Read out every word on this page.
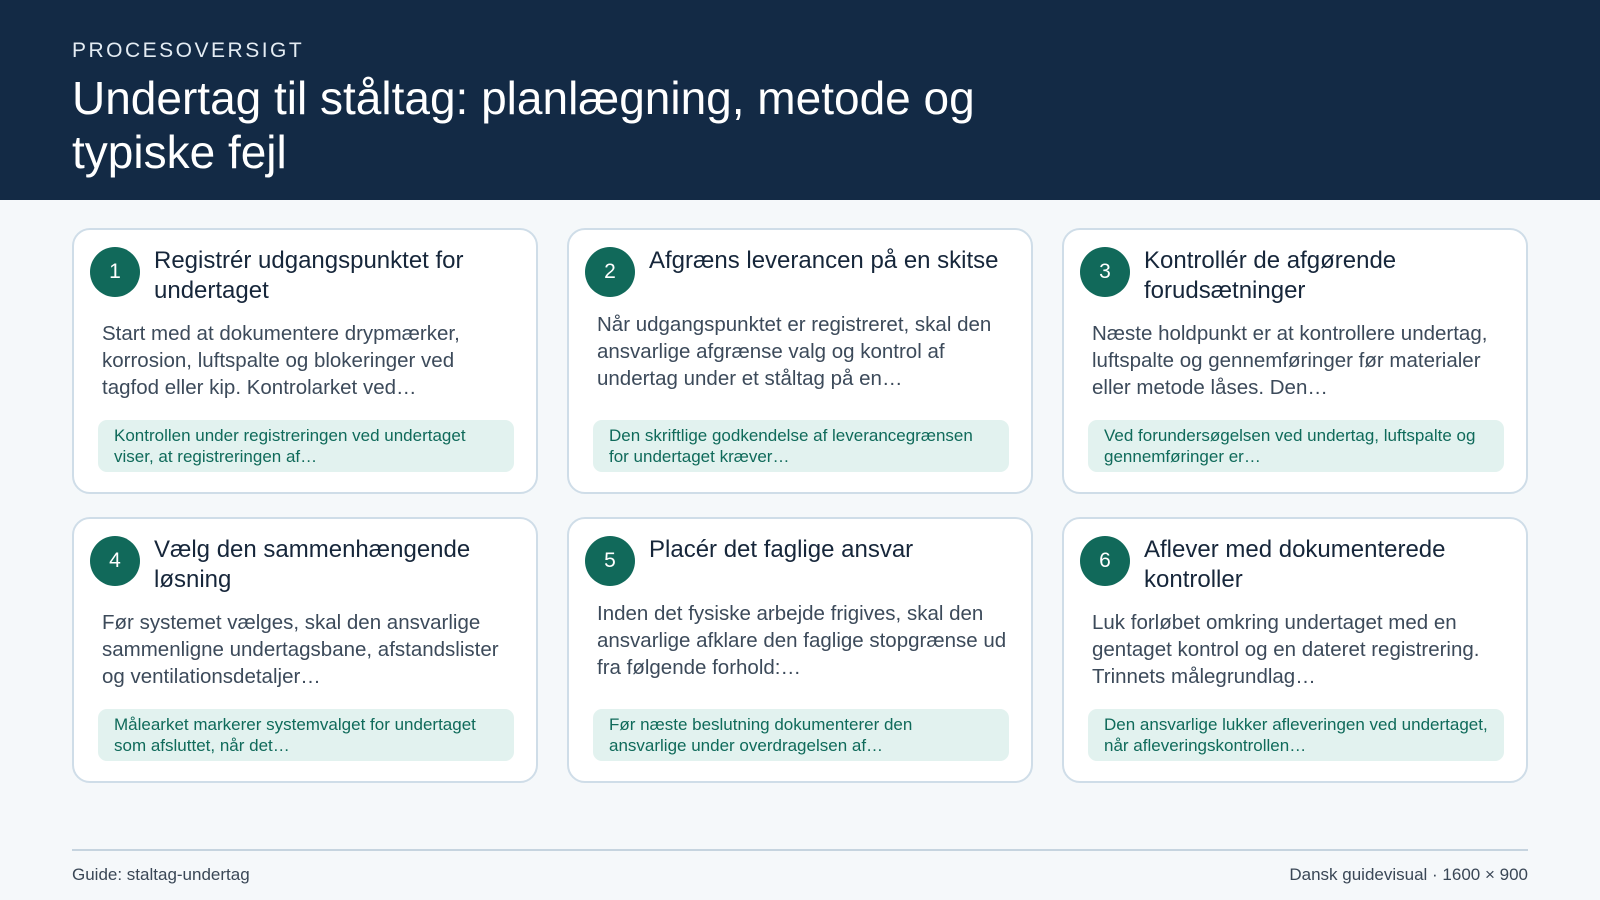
PROCESOVERSIGT
Undertag til ståltag: planlægning, metode og typiske fejl
1	Registrér udgangspunktet for undertaget

Start med at dokumentere drypmærker, korrosion, luftspalte og blokeringer ved tagfod eller kip. Kontrolarket ved…

Kontrollen under registreringen ved undertaget viser, at registreringen af…
2	Afgræns leverancen på en skitse

Når udgangspunktet er registreret, skal den ansvarlige afgrænse valg og kontrol af undertag under et ståltag på en…

Den skriftlige godkendelse af leverancegrænsen for undertaget kræver…
3	Kontrollér de afgørende forudsætninger

Næste holdpunkt er at kontrollere undertag, luftspalte og gennemføringer før materialer eller metode låses. Den…

Ved forundersøgelsen ved undertag, luftspalte og gennemføringer er…
4	Vælg den sammenhængende løsning

Før systemet vælges, skal den ansvarlige sammenligne undertagsbane, afstandslister og ventilationsdetaljer…

Målearket markerer systemvalget for undertaget som afsluttet, når det…
5	Placér det faglige ansvar

Inden det fysiske arbejde frigives, skal den ansvarlige afklare den faglige stopgrænse ud fra følgende forhold:…

Før næste beslutning dokumenterer den ansvarlige under overdragelsen af…
6	Aflever med dokumenterede kontroller

Luk forløbet omkring undertaget med en gentaget kontrol og en dateret registrering. Trinnets målegrundlag…

Den ansvarlige lukker afleveringen ved undertaget, når afleveringskontrollen…
Guide: staltag-undertag	Dansk guidevisual · 1600 × 900
